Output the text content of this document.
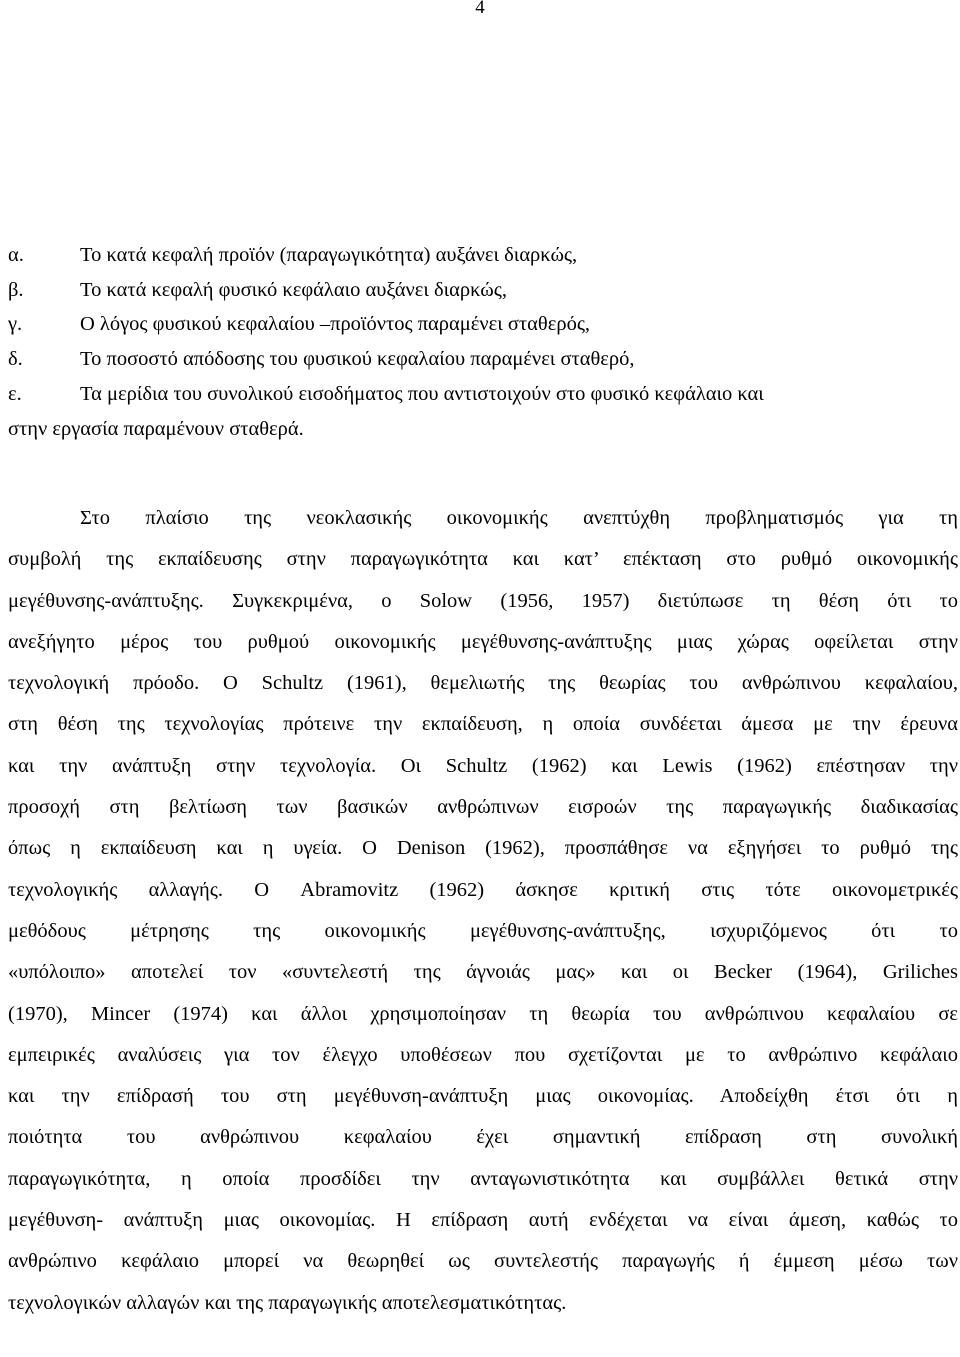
4
α.	Το κατά κεφαλή προϊόν (παραγωγικότητα) αυξάνει διαρκώς,
β.	Το κατά κεφαλή φυσικό κεφάλαιο αυξάνει διαρκώς,
γ.	Ο λόγος φυσικού κεφαλαίου –προϊόντος παραμένει σταθερός,
δ.	Το ποσοστό απόδοσης του φυσικού κεφαλαίου παραμένει σταθερό,
ε.	Τα μερίδια του συνολικού εισοδήματος που αντιστοιχούν στο φυσικό κεφάλαιο και
στην εργασία παραμένουν σταθερά.
Στο πλαίσιο της νεοκλασικής οικονομικής ανεπτύχθη προβληματισμός για τη
συμβολή της εκπαίδευσης στην παραγωγικότητα και κατ’ επέκταση στο ρυθμό οικονομικής
μεγέθυνσης-ανάπτυξης. Συγκεκριμένα, ο Solow (1956, 1957) διετύπωσε τη θέση ότι το
ανεξήγητο μέρος του ρυθμού οικονομικής μεγέθυνσης-ανάπτυξης μιας χώρας οφείλεται στην
τεχνολογική πρόοδο. Ο Schultz (1961), θεμελιωτής της θεωρίας του ανθρώπινου κεφαλαίου,
στη θέση της τεχνολογίας πρότεινε την εκπαίδευση, η οποία συνδέεται άμεσα με την έρευνα
και την ανάπτυξη στην τεχνολογία. Οι Schultz (1962) και Lewis (1962) επέστησαν την
προσοχή στη βελτίωση των βασικών ανθρώπινων εισροών της παραγωγικής διαδικασίας
όπως η εκπαίδευση και η υγεία. Ο Denison (1962), προσπάθησε να εξηγήσει το ρυθμό της
τεχνολογικής αλλαγής. Ο Abramovitz (1962) άσκησε κριτική στις τότε οικονομετρικές
μεθόδους μέτρησης της οικονομικής μεγέθυνσης-ανάπτυξης, ισχυριζόμενος ότι το
«υπόλοιπο» αποτελεί τον «συντελεστή της άγνοιάς μας» και οι Becker (1964), Griliches
(1970), Mincer (1974) και άλλοι χρησιμοποίησαν τη θεωρία του ανθρώπινου κεφαλαίου σε
εμπειρικές αναλύσεις για τον έλεγχο υποθέσεων που σχετίζονται με το ανθρώπινο κεφάλαιο
και την επίδρασή του στη μεγέθυνση-ανάπτυξη μιας οικονομίας. Αποδείχθη έτσι ότι η
ποιότητα του ανθρώπινου κεφαλαίου έχει σημαντική επίδραση στη συνολική
παραγωγικότητα, η οποία προσδίδει την ανταγωνιστικότητα και συμβάλλει θετικά στην
μεγέθυνση- ανάπτυξη μιας οικονομίας. Η επίδραση αυτή ενδέχεται να είναι άμεση, καθώς το
ανθρώπινο κεφάλαιο μπορεί να θεωρηθεί ως συντελεστής παραγωγής ή έμμεση μέσω των
τεχνολογικών αλλαγών και της παραγωγικής αποτελεσματικότητας.
